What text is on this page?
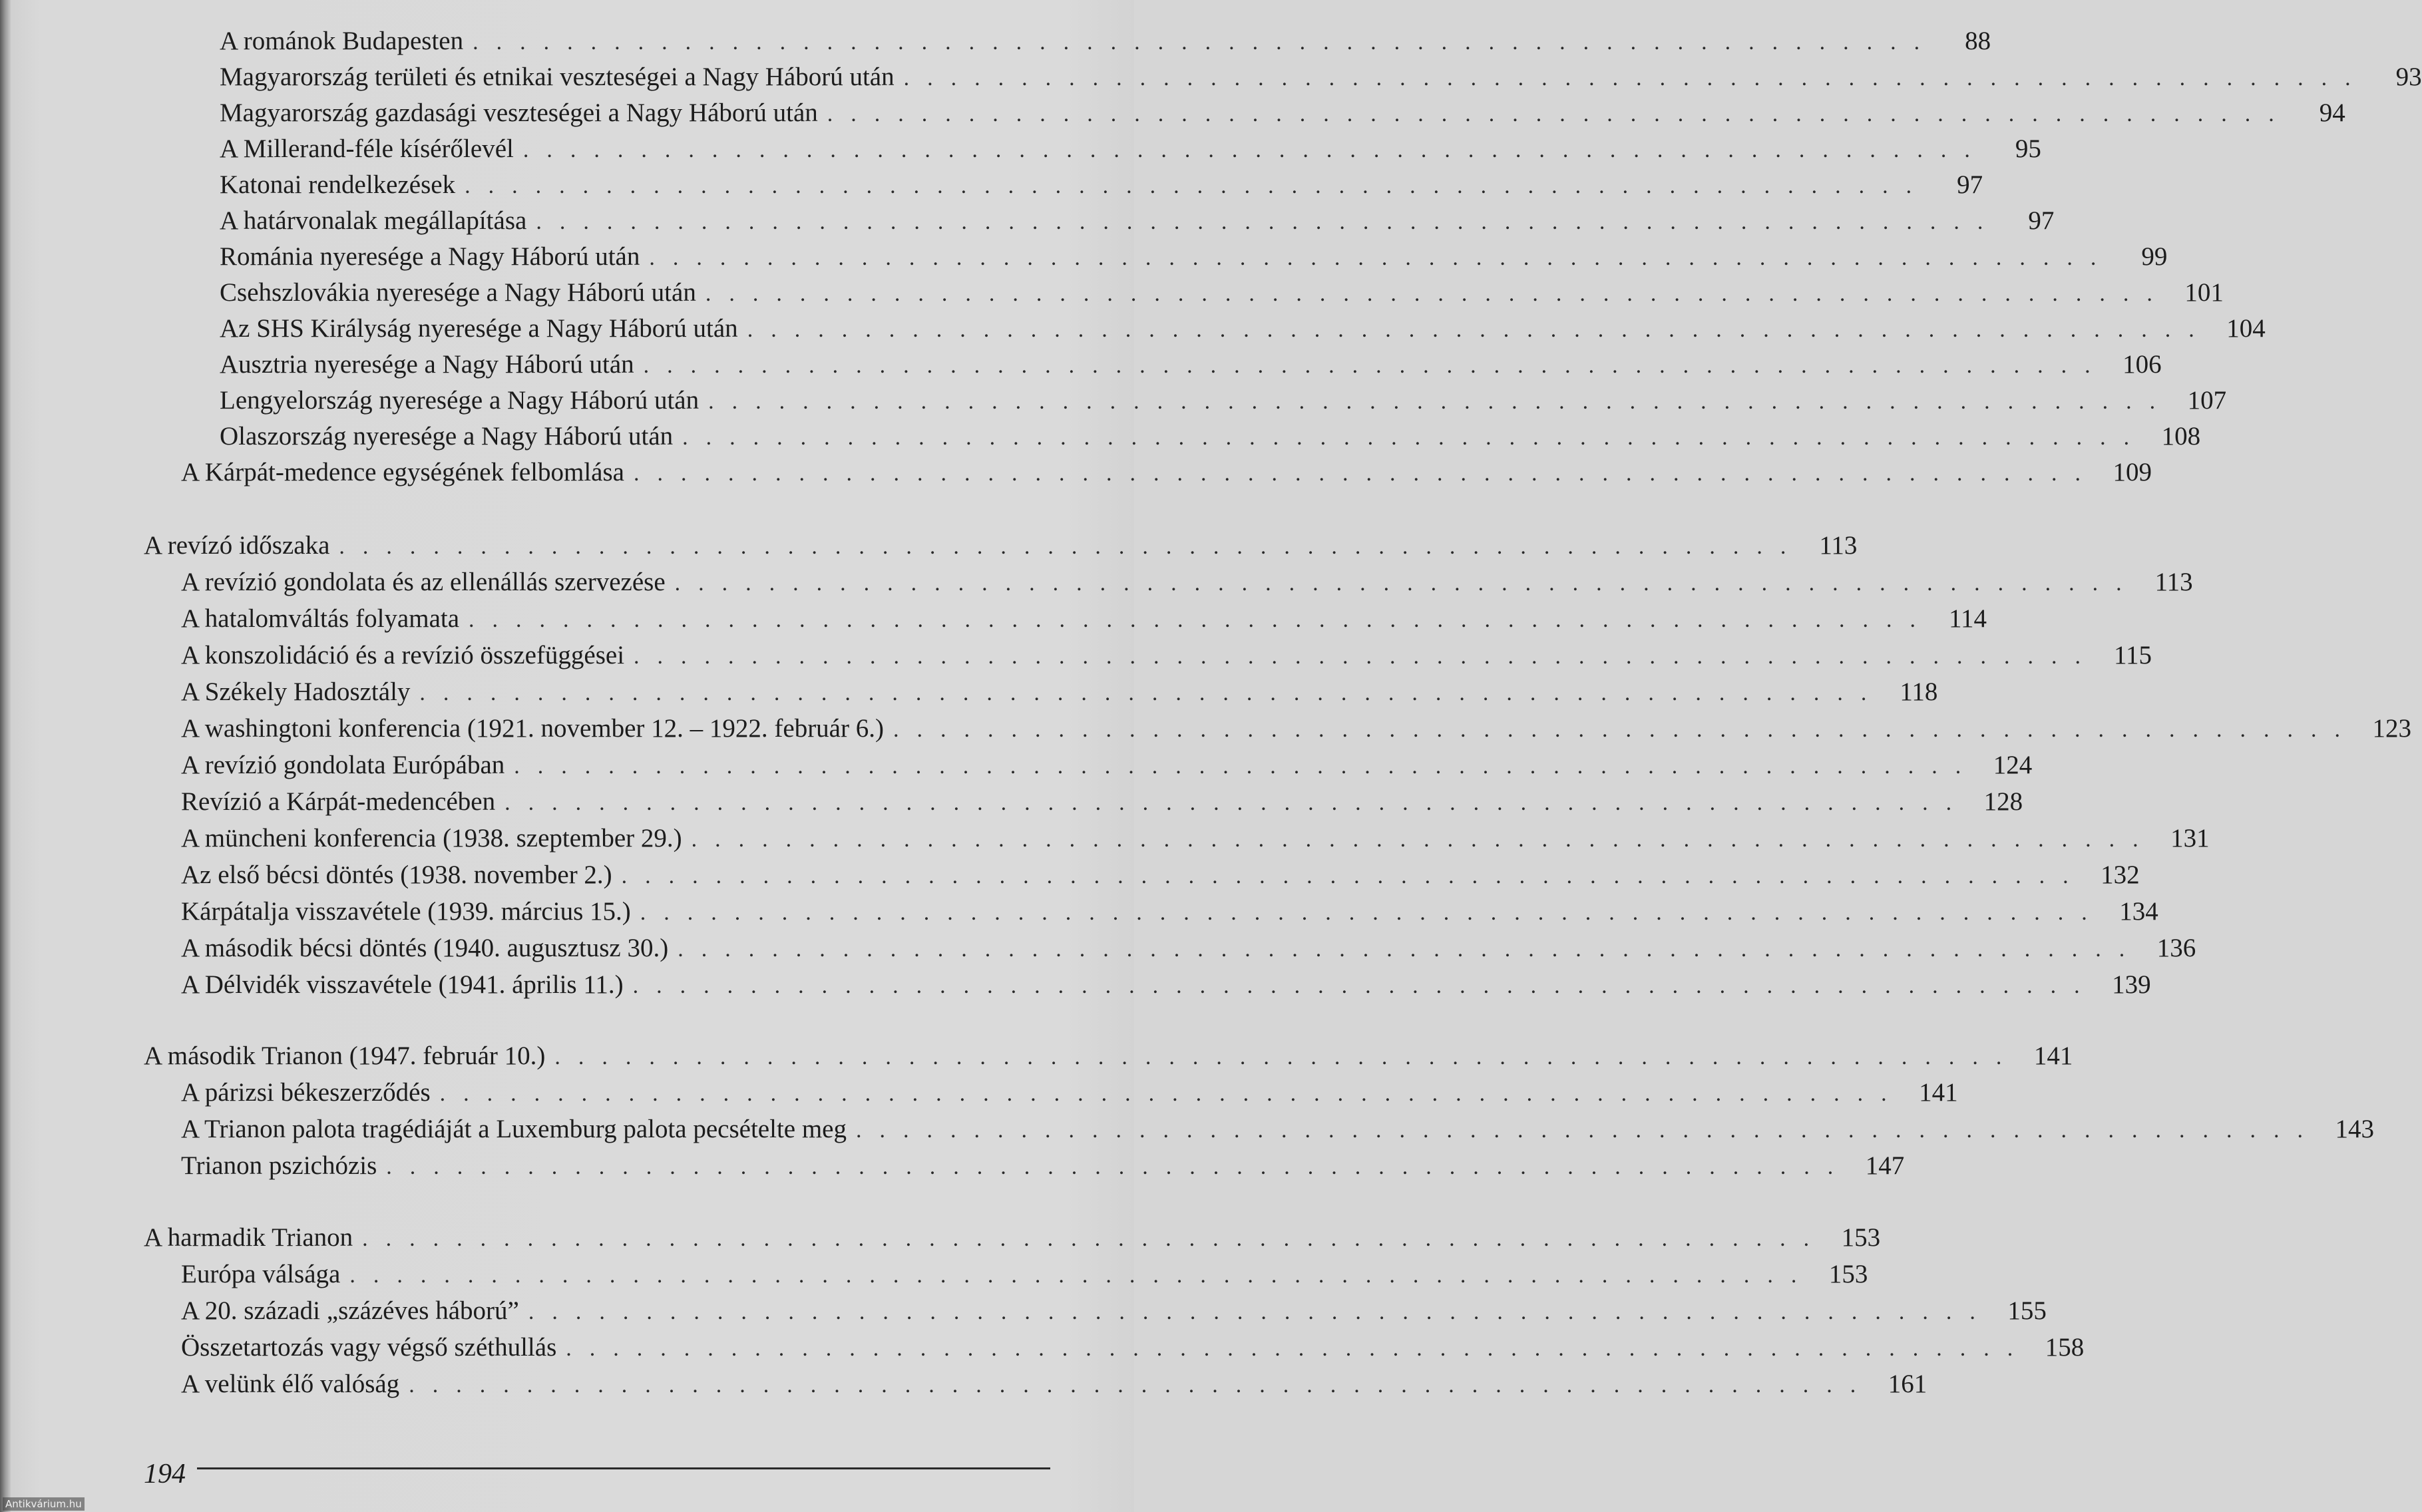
A románok Budapesten ..............................................................	88
Magyarország területi és etnikai veszteségei a Nagy Háború után ..............................................................	93
Magyarország gazdasági veszteségei a Nagy Háború után ..............................................................	94
A Millerand-féle kísérőlevél ..............................................................	95
Katonai rendelkezések ..............................................................	97
A határvonalak megállapítása ..............................................................	97
Románia nyeresége a Nagy Háború után ..............................................................	99
Csehszlovákia nyeresége a Nagy Háború után .............................................................. 101
Az SHS Királyság nyeresége a Nagy Háború után .............................................................. 104
Ausztria nyeresége a Nagy Háború után .............................................................. 106
Lengyelország nyeresége a Nagy Háború után .............................................................. 107
Olaszország nyeresége a Nagy Háború után .............................................................. 108
A Kárpát-medence egységének felbomlása .............................................................. 109
A revízó időszaka .............................................................. 113
A revízió gondolata és az ellenállás szervezése .............................................................. 113
A hatalomváltás folyamata .............................................................. 114
A konszolidáció és a revízió összefüggései .............................................................. 115
A Székely Hadosztály .............................................................. 118
A washingtoni konferencia (1921. november 12. – 1922. február 6.) .............................................................. 123
A revízió gondolata Európában .............................................................. 124
Revízió a Kárpát-medencében .............................................................. 128
A müncheni konferencia (1938. szeptember 29.) .............................................................. 131
Az első bécsi döntés (1938. november 2.) .............................................................. 132
Kárpátalja visszavétele (1939. március 15.) .............................................................. 134
A második bécsi döntés (1940. augusztusz 30.) .............................................................. 136
A Délvidék visszavétele (1941. április 11.) .............................................................. 139
A második Trianon (1947. február 10.) .............................................................. 141
A párizsi békeszerződés .............................................................. 141
A Trianon palota tragédiáját a Luxemburg palota pecsételte meg .............................................................. 143
Trianon pszichózis .............................................................. 147
A harmadik Trianon .............................................................. 153
Európa válsága .............................................................. 153
A 20. századi „százéves háború” .............................................................. 155
Összetartozás vagy végső széthullás .............................................................. 158
A velünk élő valóság .............................................................. 161
194
Antikvárium.hu
